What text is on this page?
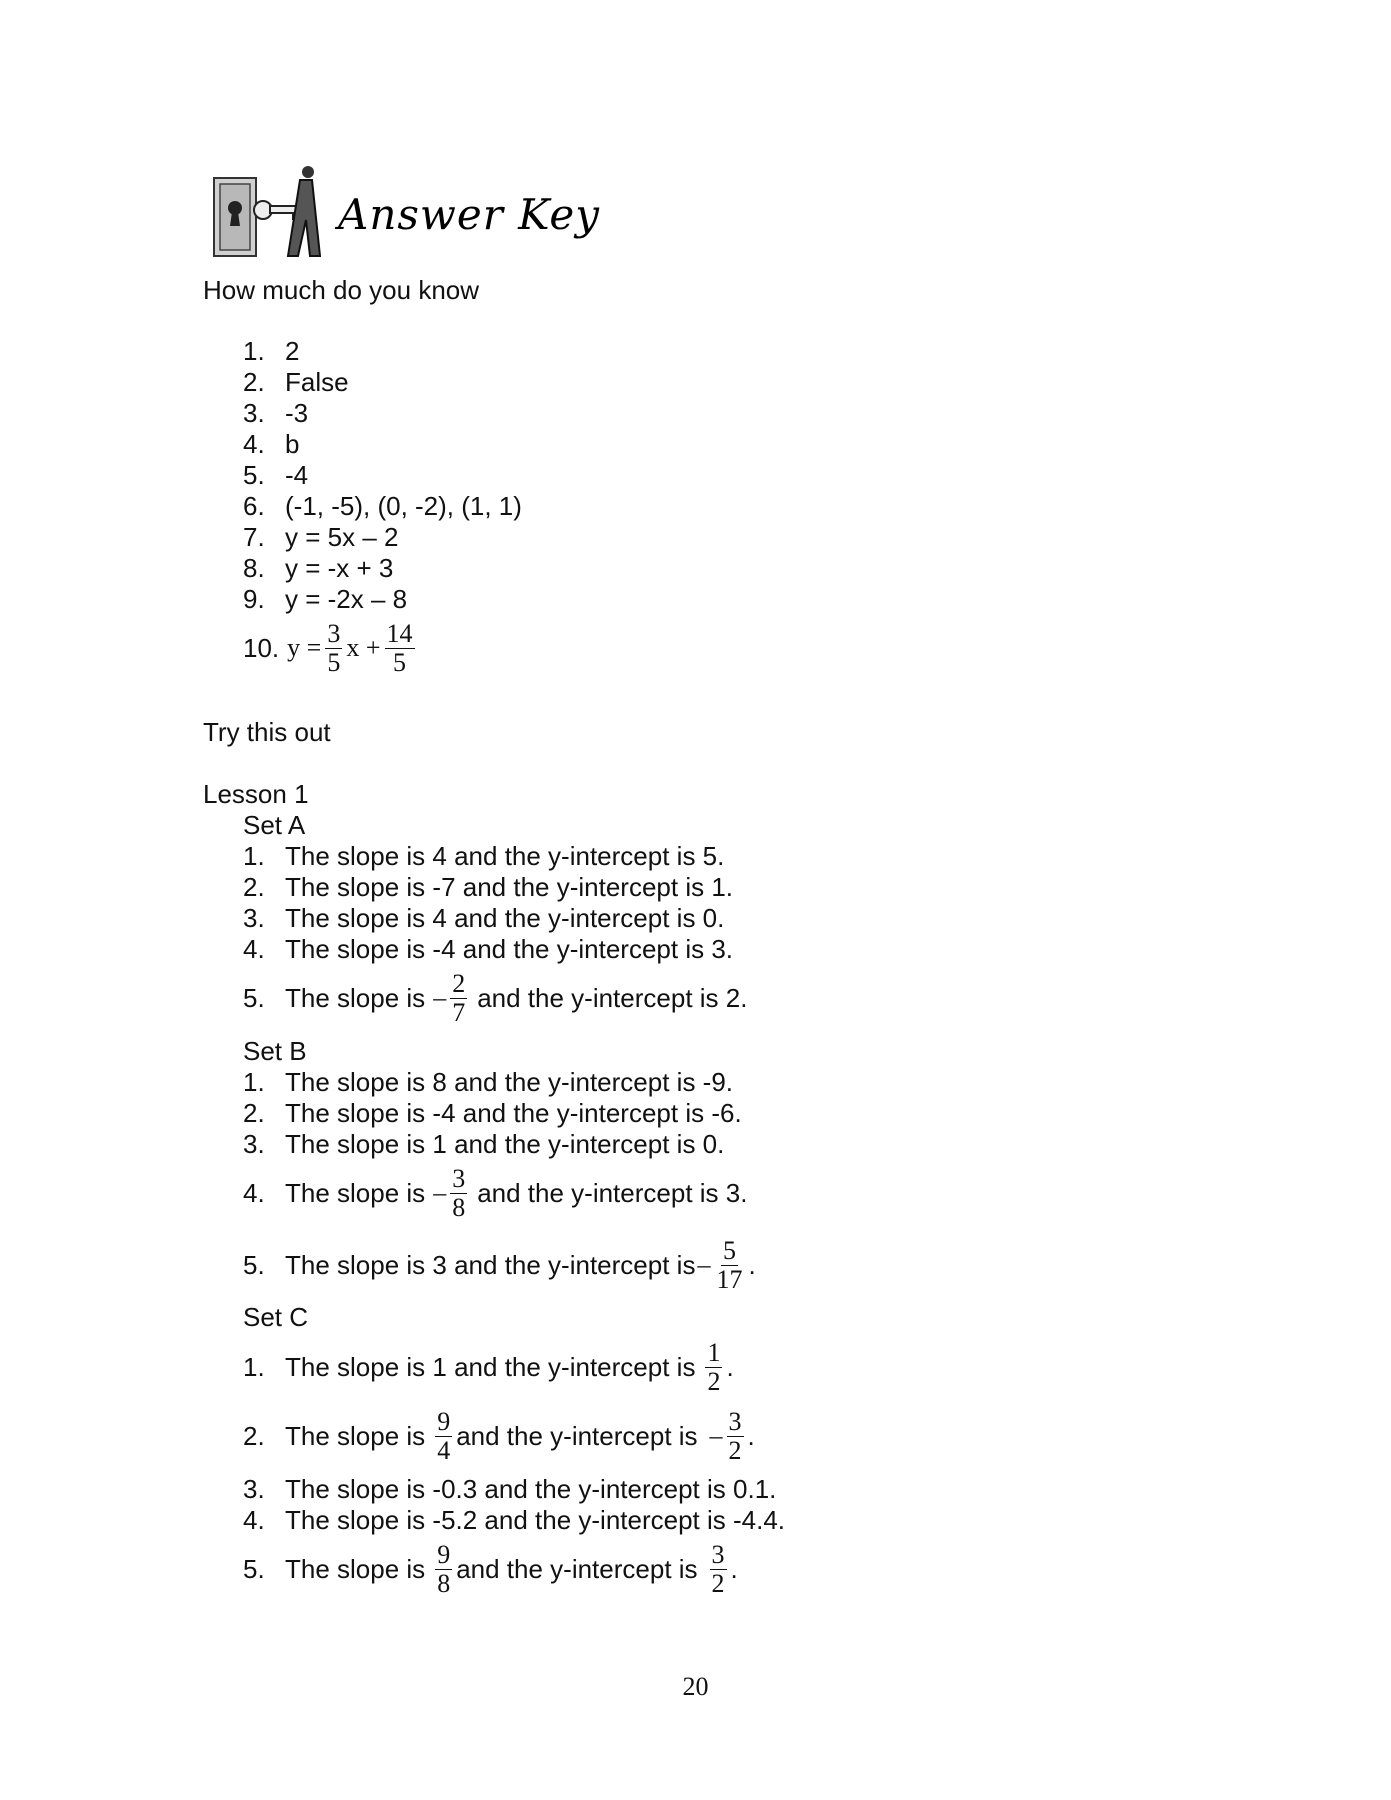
Answer Key
How much do you know
1. 2
2. False
3. -3
4. b
5. -4
6. (-1, -5), (0, -2), (1, 1)
7. y = 5x – 2
8. y = -x + 3
9. y = -2x – 8
10. $y = \frac{3}{5}$ $x + \frac{14}{5}$
Try this out
Lesson 1
Set A
1. The slope is 4 and the y-intercept is 5.
2. The slope is -7 and the y-intercept is 1.
3. The slope is 4 and the y-intercept is 0.
4. The slope is -4 and the y-intercept is 3.
5. The slope is – $\frac{2}{7}$ and the y-intercept is 2.
Set B
1. The slope is 8 and the y-intercept is -9.
2. The slope is -4 and the y-intercept is -6.
3. The slope is 1 and the y-intercept is 0.
4. The slope is – $\frac{3}{8}$ and the y-intercept is 3.
5. The slope is 3 and the y-intercept is – $\frac{5}{17}$ .
Set C
1. The slope is 1 and the y-intercept is $\frac{1}{2}$ .
2. The slope is $\frac{9}{4}$ and the y-intercept is – $\frac{3}{2}$ .
3. The slope is -0.3 and the y-intercept is 0.1.
4. The slope is -5.2 and the y-intercept is -4.4.
5. The slope is $\frac{9}{8}$ and the y-intercept is $\frac{3}{2}$ .
20
